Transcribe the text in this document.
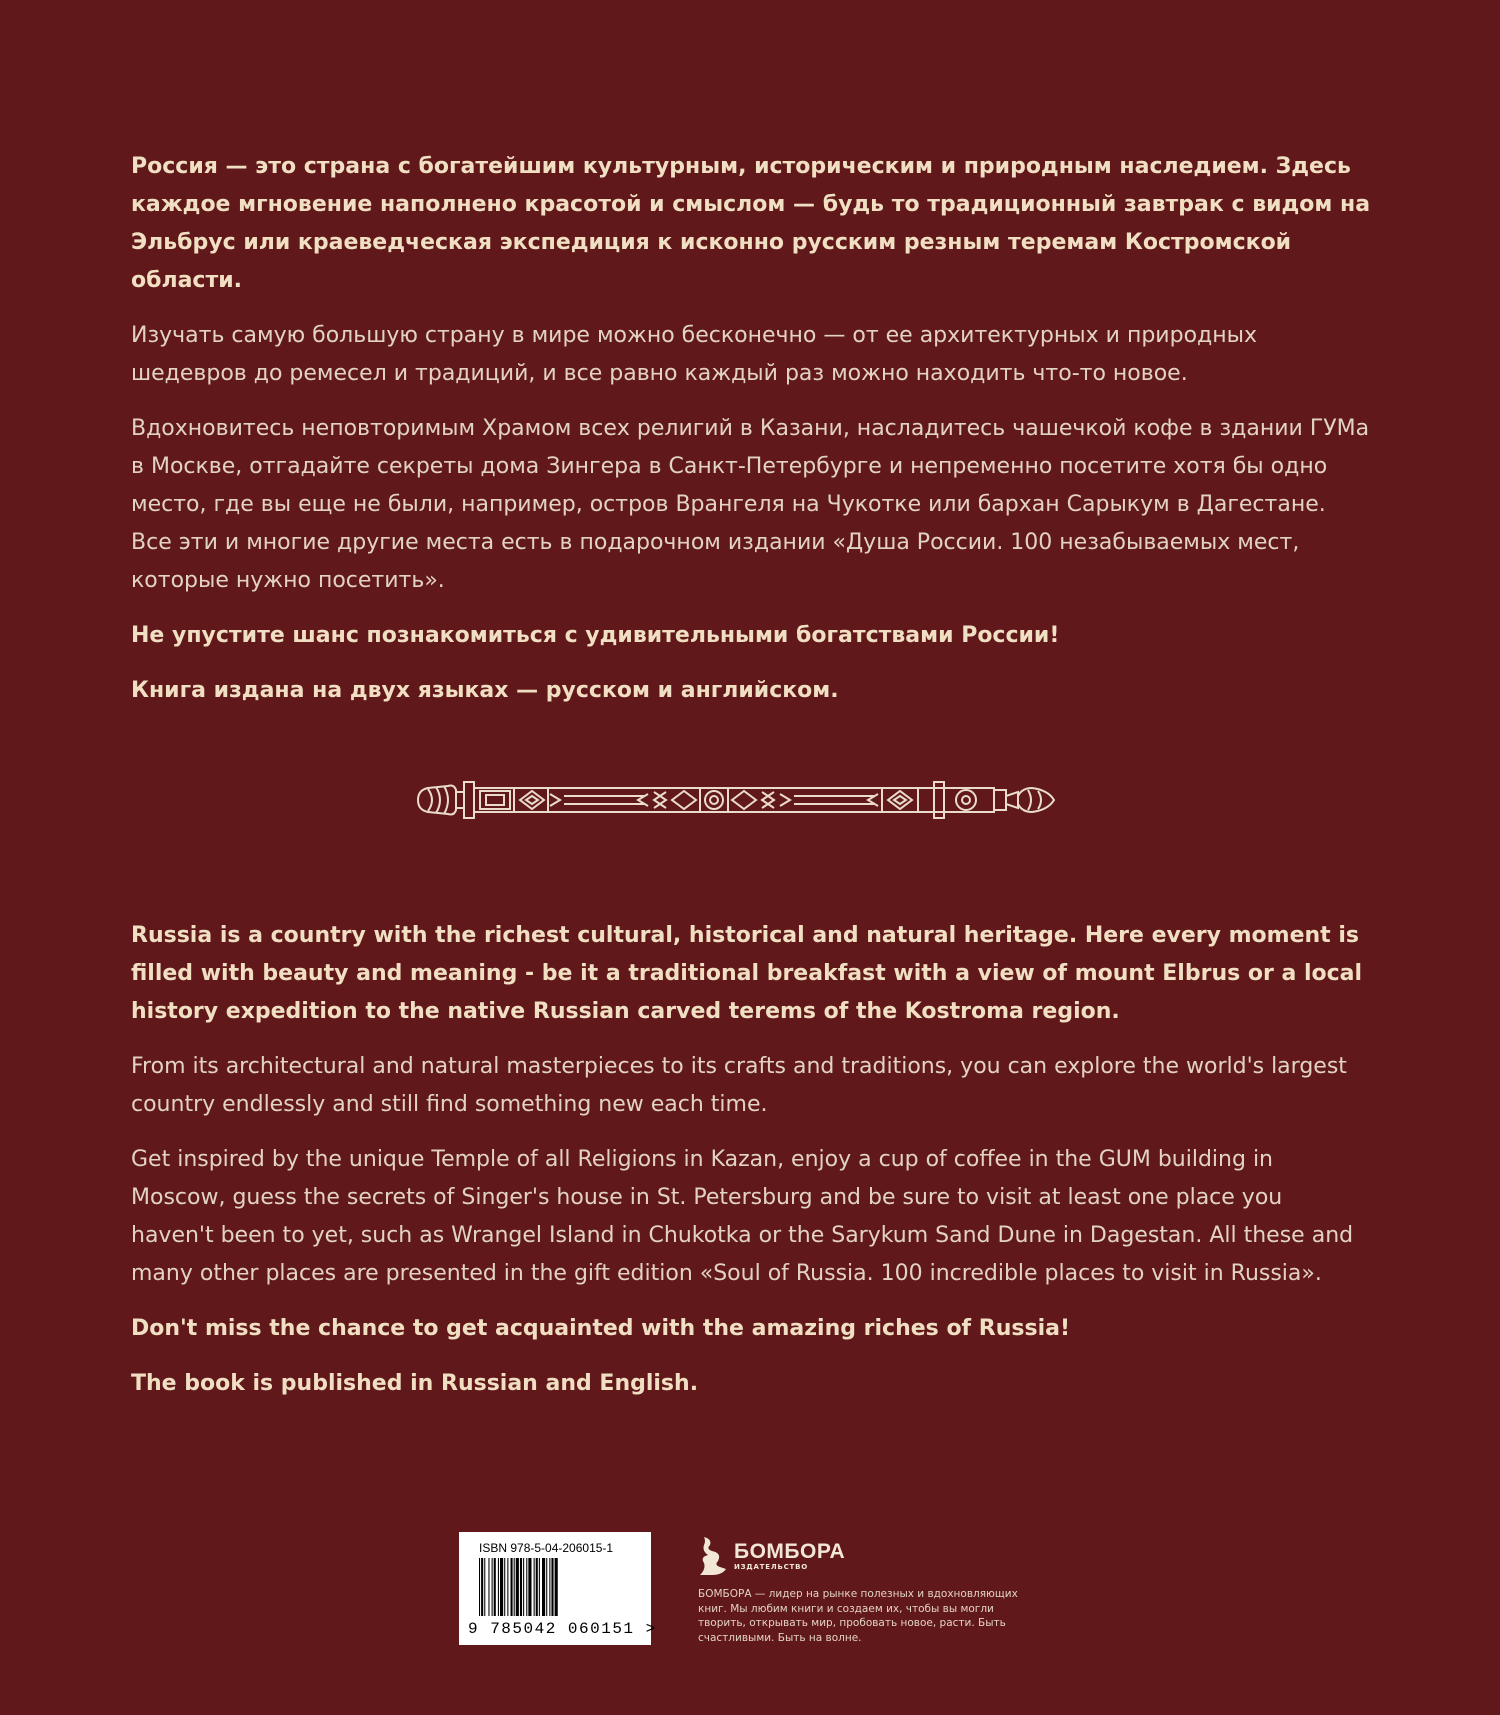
Россия — это страна с богатейшим культурным, историческим и природным наследием. Здесь каждое мгновение наполнено красотой и смыслом — будь то традиционный завтрак с видом на Эльбрус или краеведческая экспедиция к исконно русским резным теремам Костромской области.

Изучать самую большую страну в мире можно бесконечно — от ее архитектурных и природных шедевров до ремесел и традиций, и все равно каждый раз можно находить что-то новое.

Вдохновитесь неповторимым Храмом всех религий в Казани, насладитесь чашечкой кофе в здании ГУМа в Москве, отгадайте секреты дома Зингера в Санкт-Петербурге и непременно посетите хотя бы одно место, где вы еще не были, например, остров Врангеля на Чукотке или бархан Сарыкум в Дагестане. Все эти и многие другие места есть в подарочном издании «Душа России. 100 незабываемых мест, которые нужно посетить».

Не упустите шанс познакомиться с удивительными богатствами России!

Книга издана на двух языках — русском и английском.

Russia is a country with the richest cultural, historical and natural heritage. Here every moment is filled with beauty and meaning - be it a traditional breakfast with a view of mount Elbrus or a local history expedition to the native Russian carved terems of the Kostroma region.

From its architectural and natural masterpieces to its crafts and traditions, you can explore the world's largest country endlessly and still find something new each time.

Get inspired by the unique Temple of all Religions in Kazan, enjoy a cup of coffee in the GUM building in Moscow, guess the secrets of Singer's house in St. Petersburg and be sure to visit at least one place you haven't been to yet, such as Wrangel Island in Chukotka or the Sarykum Sand Dune in Dagestan. All these and many other places are presented in the gift edition «Soul of Russia. 100 incredible places to visit in Russia».

Don't miss the chance to get acquainted with the amazing riches of Russia!

The book is published in Russian and English.

ISBN 978-5-04-206015-1
9 785042 060151 >
БОМБОРА
ИЗДАТЕЛЬСТВО
БОМБОРА — лидер на рынке полезных и вдохновляющих книг. Мы любим книги и создаем их, чтобы вы могли творить, открывать мир, пробовать новое, расти. Быть счастливыми. Быть на волне.
